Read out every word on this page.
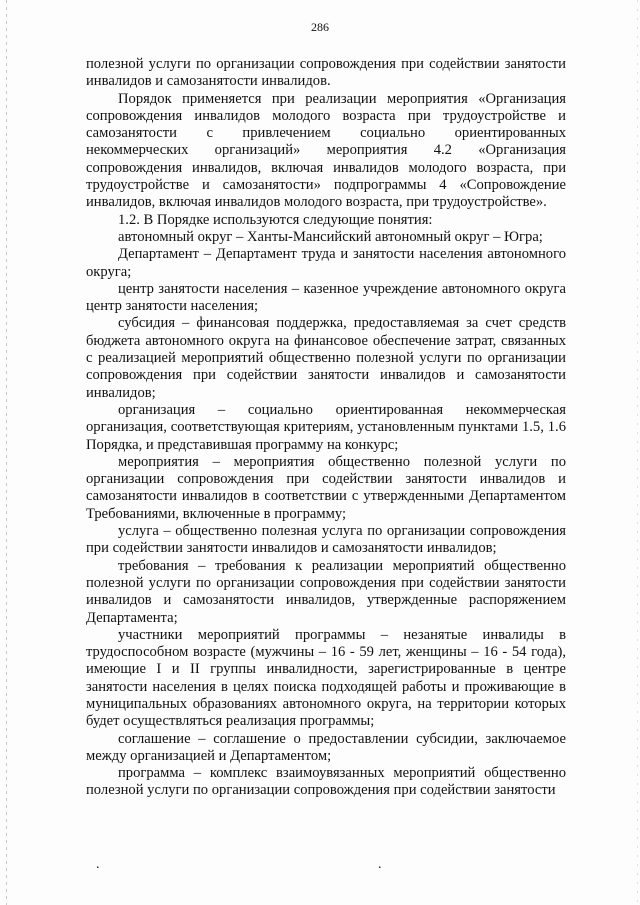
286

полезной услуги по организации сопровождения при содействии занятости инвалидов и самозанятости инвалидов.

Порядок применяется при реализации мероприятия «Организация сопровождения инвалидов молодого возраста при трудоустройстве и самозанятости с привлечением социально ориентированных некоммерческих организаций» мероприятия 4.2 «Организация сопровождения инвалидов, включая инвалидов молодого возраста, при трудоустройстве и самозанятости» подпрограммы 4 «Сопровождение инвалидов, включая инвалидов молодого возраста, при трудоустройстве».

1.2. В Порядке используются следующие понятия:

автономный округ – Ханты-Мансийский автономный округ – Югра;

Департамент – Департамент труда и занятости населения автономного округа;

центр занятости населения – казенное учреждение автономного округа центр занятости населения;

субсидия – финансовая поддержка, предоставляемая за счет средств бюджета автономного округа на финансовое обеспечение затрат, связанных с реализацией мероприятий общественно полезной услуги по организации сопровождения при содействии занятости инвалидов и самозанятости инвалидов;

организация – социально ориентированная некоммерческая организация, соответствующая критериям, установленным пунктами 1.5, 1.6 Порядка, и представившая программу на конкурс;

мероприятия – мероприятия общественно полезной услуги по организации сопровождения при содействии занятости инвалидов и самозанятости инвалидов в соответствии с утвержденными Департаментом Требованиями, включенные в программу;

услуга – общественно полезная услуга по организации сопровождения при содействии занятости инвалидов и самозанятости инвалидов;

требования – требования к реализации мероприятий общественно полезной услуги по организации сопровождения при содействии занятости инвалидов и самозанятости инвалидов, утвержденные распоряжением Департамента;

участники мероприятий программы – незанятые инвалиды в трудоспособном возрасте (мужчины – 16 - 59 лет, женщины – 16 - 54 года), имеющие I и II группы инвалидности, зарегистрированные в центре занятости населения в целях поиска подходящей работы и проживающие в муниципальных образованиях автономного округа, на территории которых будет осуществляться реализация программы;

соглашение – соглашение о предоставлении субсидии, заключаемое между организацией и Департаментом;

программа – комплекс взаимоувязанных мероприятий общественно полезной услуги по организации сопровождения при содействии занятости

.	.
